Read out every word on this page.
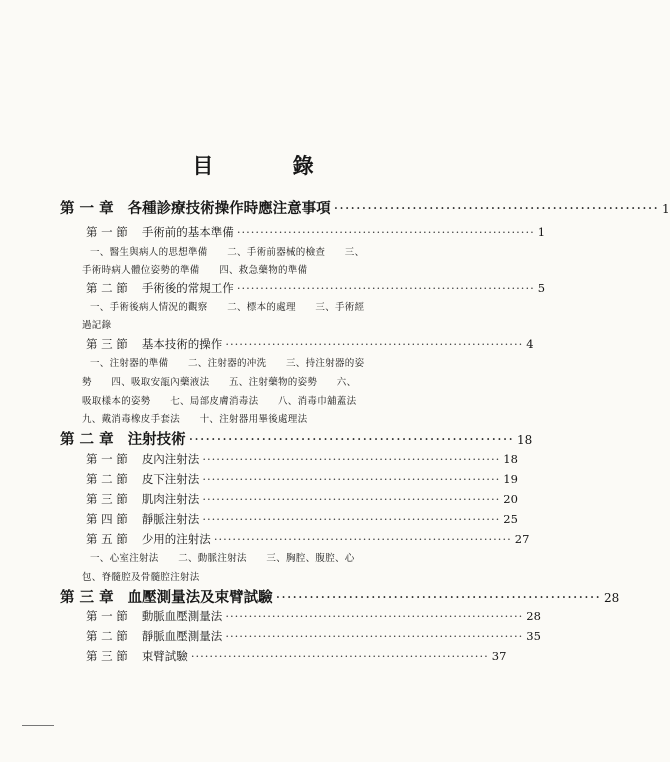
目 錄
第 一 章 各種診療技術操作時應注意事項 ·························································· 1
第 一 節 手術前的基本準備 ································································ 1
一、醫生與病人的思想準備　　二、手術前器械的檢查　　三、
手術時病人體位姿勢的準備　　四、救急藥物的準備
第 二 節 手術後的常規工作 ································································ 5
一、手術後病人情況的觀察　　二、標本的處理　　三、手術經
過記錄
第 三 節 基本技術的操作 ································································ 4
一、注射器的準備　　二、注射器的冲洗　　三、持注射器的姿
勢　　四、吸取安瓿內藥液法　　五、注射藥物的姿勢　　六、
吸取樣本的姿勢　　七、局部皮膚消毒法　　八、消毒巾舖蓋法
九、戴消毒橡皮手套法　　十、注射器用畢後處理法
第 二 章 注射技術 ·························································· 18
第 一 節 皮內注射法 ································································ 18
第 二 節 皮下注射法 ································································ 19
第 三 節 肌肉注射法 ································································ 20
第 四 節 靜脈注射法 ································································ 25
第 五 節 少用的注射法 ································································ 27
一、心室注射法　　二、動脈注射法　　三、胸腔、腹腔、心
包、脊髓腔及骨髓腔注射法
第 三 章 血壓測量法及束臂試驗 ·························································· 28
第 一 節 動脈血壓測量法 ································································ 28
第 二 節 靜脈血壓測量法 ································································ 35
第 三 節 束臂試驗 ································································ 37
